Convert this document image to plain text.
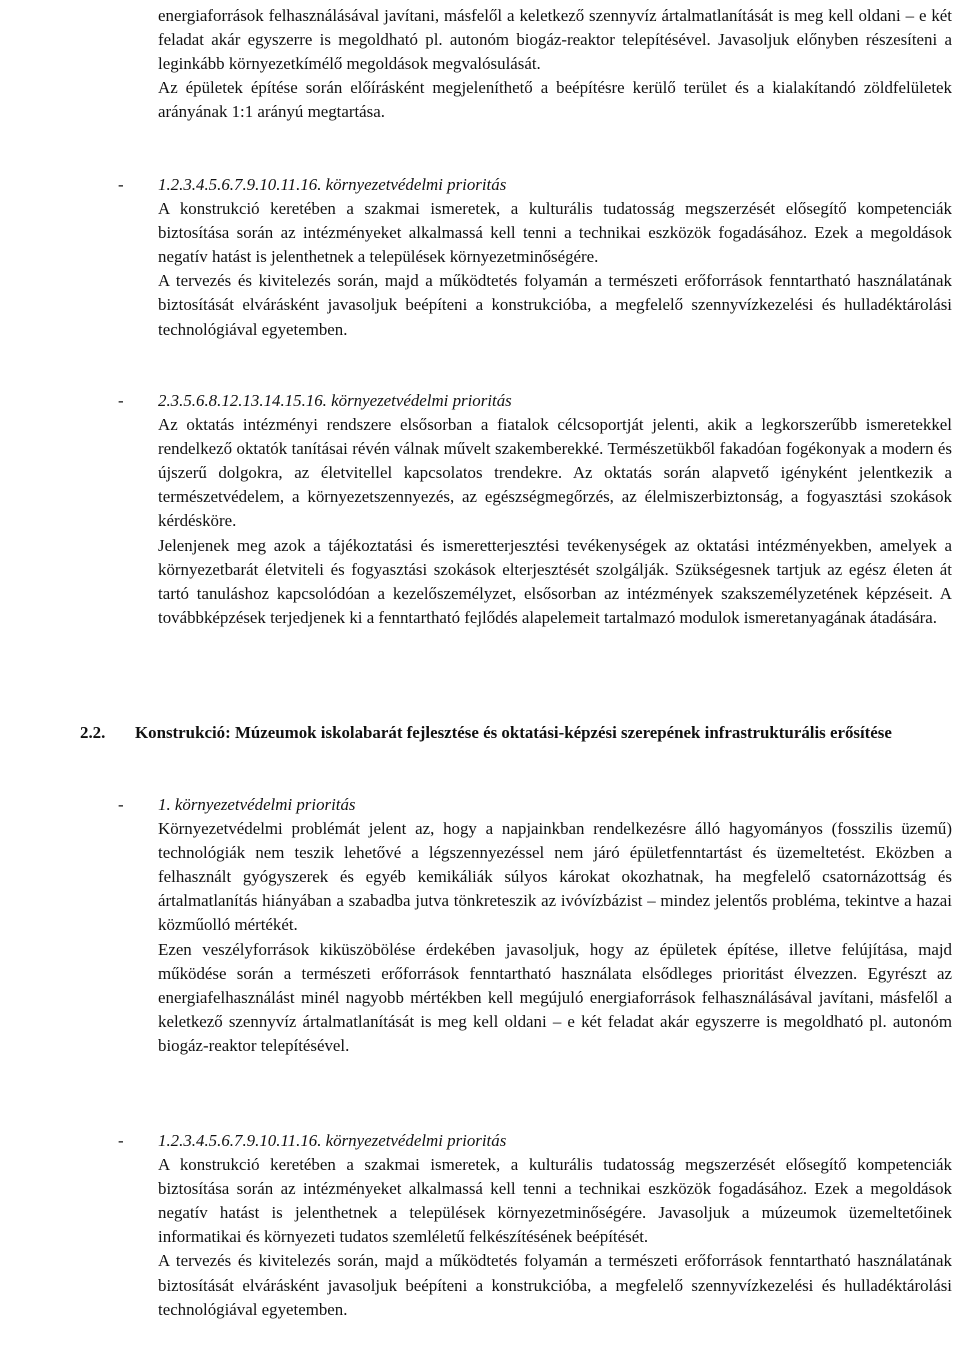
energiaforrások felhasználásával javítani, másfelől a keletkező szennyvíz ártalmatlanítását is meg kell oldani – e két feladat akár egyszerre is megoldható pl. autonóm biogáz-reaktor telepítésével. Javasoljuk előnyben részesíteni a leginkább környezetkímélő megoldások megvalósulását.

Az épületek építése során előírásként megjeleníthető a beépítésre kerülő terület és a kialakítandó zöldfelületek arányának 1:1 arányú megtartása.

- 1.2.3.4.5.6.7.9.10.11.16. környezetvédelmi prioritás

A konstrukció keretében a szakmai ismeretek, a kulturális tudatosság megszerzését elősegítő kompetenciák biztosítása során az intézményeket alkalmassá kell tenni a technikai eszközök fogadásához. Ezek a megoldások negatív hatást is jelenthetnek a települések környezetminőségére.

A tervezés és kivitelezés során, majd a működtetés folyamán a természeti erőforrások fenntartható használatának biztosítását elvárásként javasoljuk beépíteni a konstrukcióba, a megfelelő szennyvízkezelési és hulladéktárolási technológiával egyetemben.

- 2.3.5.6.8.12.13.14.15.16. környezetvédelmi prioritás

Az oktatás intézményi rendszere elsősorban a fiatalok célcsoportját jelenti, akik a legkorszerűbb ismeretekkel rendelkező oktatók tanításai révén válnak művelt szakemberekké. Természetükből fakadóan fogékonyak a modern és újszerű dolgokra, az életvitellel kapcsolatos trendekre. Az oktatás során alapvető igényként jelentkezik a természetvédelem, a környezetszennyezés, az egészségmegőrzés, az élelmiszerbiztonság, a fogyasztási szokások kérdésköre.

Jelenjenek meg azok a tájékoztatási és ismeretterjesztési tevékenységek az oktatási intézményekben, amelyek a környezetbarát életviteli és fogyasztási szokások elterjesztését szolgálják. Szükségesnek tartjuk az egész életen át tartó tanuláshoz kapcsolódóan a kezelőszemélyzet, elsősorban az intézmények szakszemélyzetének képzéseit. A továbbképzések terjedjenek ki a fenntartható fejlődés alapelemeit tartalmazó modulok ismeretanyagának átadására.

2.2. Konstrukció: Múzeumok iskolabarát fejlesztése és oktatási-képzési szerepének infrastrukturális erősítése

- 1. környezetvédelmi prioritás

Környezetvédelmi problémát jelent az, hogy a napjainkban rendelkezésre álló hagyományos (fosszilis üzemű) technológiák nem teszik lehetővé a légszennyezéssel nem járó épületfenntartást és üzemeltetést. Eközben a felhasznált gyógyszerek és egyéb kemikáliák súlyos károkat okozhatnak, ha megfelelő csatornázottság és ártalmatlanítás hiányában a szabadba jutva tönkreteszik az ivóvízbázist – mindez jelentős probléma, tekintve a hazai közműolló mértékét.

Ezen veszélyforrások kiküszöbölése érdekében javasoljuk, hogy az épületek építése, illetve felújítása, majd működése során a természeti erőforrások fenntartható használata elsődleges prioritást élvezzen. Egyrészt az energiafelhasználást minél nagyobb mértékben kell megújuló energiaforrások felhasználásával javítani, másfelől a keletkező szennyvíz ártalmatlanítását is meg kell oldani – e két feladat akár egyszerre is megoldható pl. autonóm biogáz-reaktor telepítésével.

- 1.2.3.4.5.6.7.9.10.11.16. környezetvédelmi prioritás

A konstrukció keretében a szakmai ismeretek, a kulturális tudatosság megszerzését elősegítő kompetenciák biztosítása során az intézményeket alkalmassá kell tenni a technikai eszközök fogadásához. Ezek a megoldások negatív hatást is jelenthetnek a települések környezetminőségére. Javasoljuk a múzeumok üzemeltetőinek informatikai és környezeti tudatos szemléletű felkészítésének beépítését.

A tervezés és kivitelezés során, majd a működtetés folyamán a természeti erőforrások fenntartható használatának biztosítását elvárásként javasoljuk beépíteni a konstrukcióba, a megfelelő szennyvízkezelési és hulladéktárolási technológiával egyetemben.
